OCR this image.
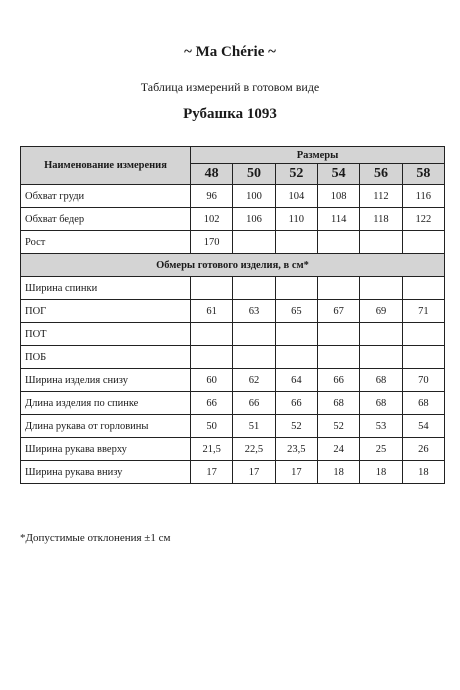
~ Ma Chérie ~
Таблица измерений в готовом виде
Рубашка 1093
Наименование измерения	Размеры					
	48	50	52	54	56	58
Обхват груди	96	100	104	108	112	116
Обхват бедер	102	106	110	114	118	122
Рост	170					
Обмеры готового изделия, в см*						
Ширина спинки						
ПОГ	61	63	65	67	69	71
ПОТ						
ПОБ						
Ширина изделия снизу	60	62	64	66	68	70
Длина изделия по спинке	66	66	66	68	68	68
Длина рукава от горловины	50	51	52	52	53	54
Ширина рукава вверху	21,5	22,5	23,5	24	25	26
Ширина рукава внизу	17	17	17	18	18	18
*Допустимые отклонения ±1 см
